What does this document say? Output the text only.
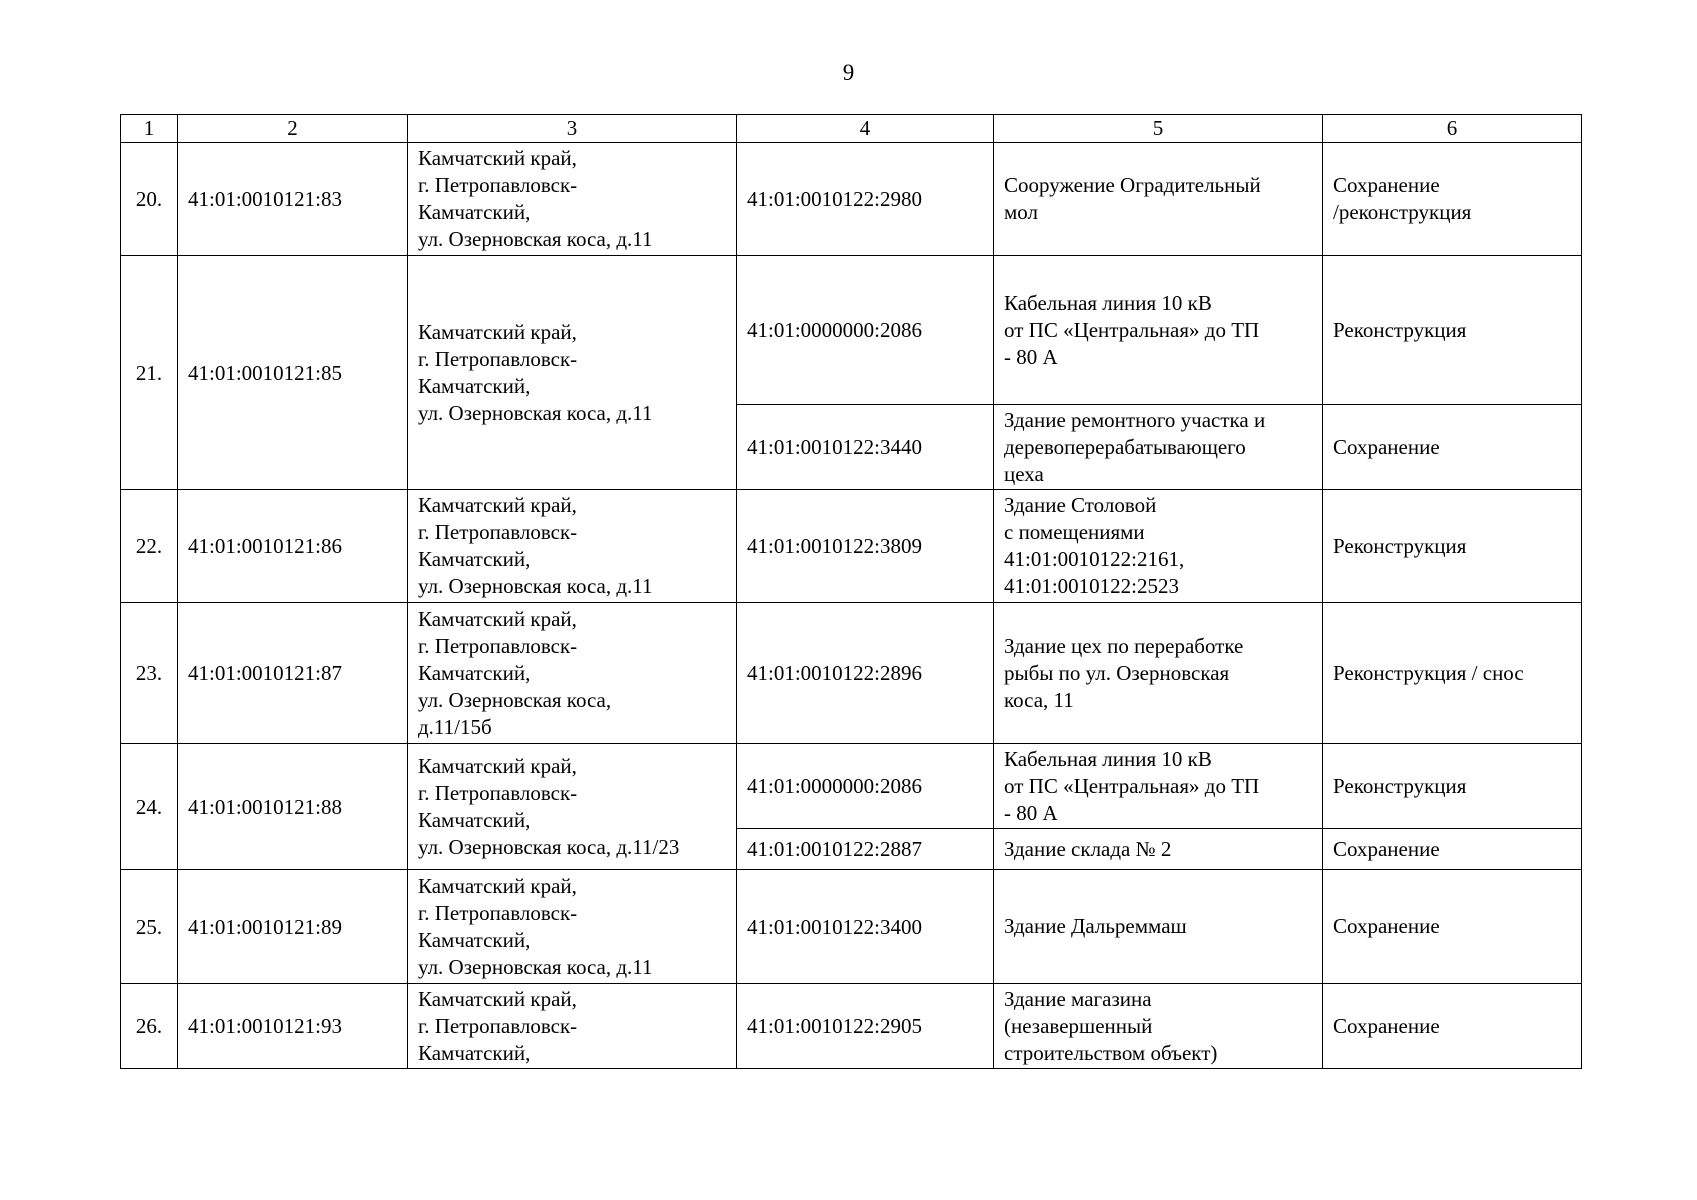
9
1	2	3	4	5	6
20.	41:01:0010121:83	Камчатский край,
г. Петропавловск-
Камчатский,
ул. Озерновская коса, д.11	41:01:0010122:2980	Сооружение Оградительный
мол	Сохранение
/реконструкция
21.	41:01:0010121:85	Камчатский край,
г. Петропавловск-
Камчатский,
ул. Озерновская коса, д.11	41:01:0000000:2086	Кабельная линия 10 кВ
от ПС «Центральная» до ТП
- 80 А	Реконструкция
			41:01:0010122:3440	Здание ремонтного участка и
деревоперерабатывающего
цеха	Сохранение
22.	41:01:0010121:86	Камчатский край,
г. Петропавловск-
Камчатский,
ул. Озерновская коса, д.11	41:01:0010122:3809	Здание Столовой
с помещениями
41:01:0010122:2161,
41:01:0010122:2523	Реконструкция
23.	41:01:0010121:87	Камчатский край,
г. Петропавловск-
Камчатский,
ул. Озерновская коса,
д.11/15б	41:01:0010122:2896	Здание цех по переработке
рыбы по ул. Озерновская
коса, 11	Реконструкция / снос
24.	41:01:0010121:88	Камчатский край,
г. Петропавловск-
Камчатский,
ул. Озерновская коса, д.11/23	41:01:0000000:2086	Кабельная линия 10 кВ
от ПС «Центральная» до ТП
- 80 А	Реконструкция
			41:01:0010122:2887	Здание склада № 2	Сохранение
25.	41:01:0010121:89	Камчатский край,
г. Петропавловск-
Камчатский,
ул. Озерновская коса, д.11	41:01:0010122:3400	Здание Дальреммаш	Сохранение
26.	41:01:0010121:93	Камчатский край,
г. Петропавловск-
Камчатский,	41:01:0010122:2905	Здание магазина
(незавершенный
строительством объект)	Сохранение
